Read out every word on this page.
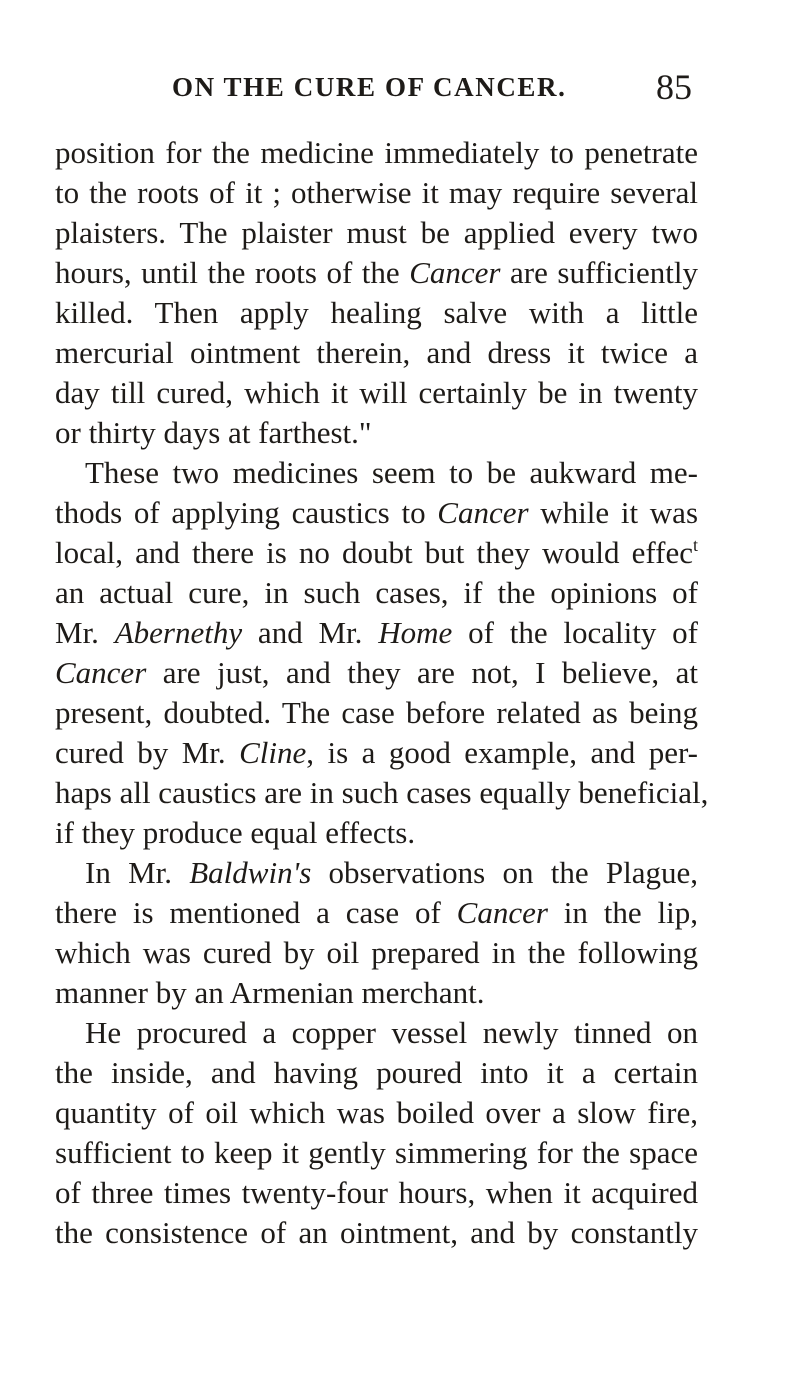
ON THE CURE OF CANCER. 85
position for the medicine immediately to penetrate
to the roots of it ; otherwise it may require several
plaisters. The plaister must be applied every two
hours, until the roots of the Cancer are sufficiently
killed. Then apply healing salve with a little
mercurial ointment therein, and dress it twice a
day till cured, which it will certainly be in twenty
or thirty days at farthest."
These two medicines seem to be aukward me-
thods of applying caustics to Cancer while it was
local, and there is no doubt but they would effec$^t$
an actual cure, in such cases, if the opinions of
Mr. Abernethy and Mr. Home of the locality of
Cancer are just, and they are not, I believe, at
present, doubted. The case before related as being
cured by Mr. Cline, is a good example, and per-
haps all caustics are in such cases equally beneficial,
if they produce equal effects.
In Mr. Baldwin's observations on the Plague,
there is mentioned a case of Cancer in the lip,
which was cured by oil prepared in the following
manner by an Armenian merchant.
He procured a copper vessel newly tinned on
the inside, and having poured into it a certain
quantity of oil which was boiled over a slow fire,
sufficient to keep it gently simmering for the space
of three times twenty-four hours, when it acquired
the consistence of an ointment, and by constantly
